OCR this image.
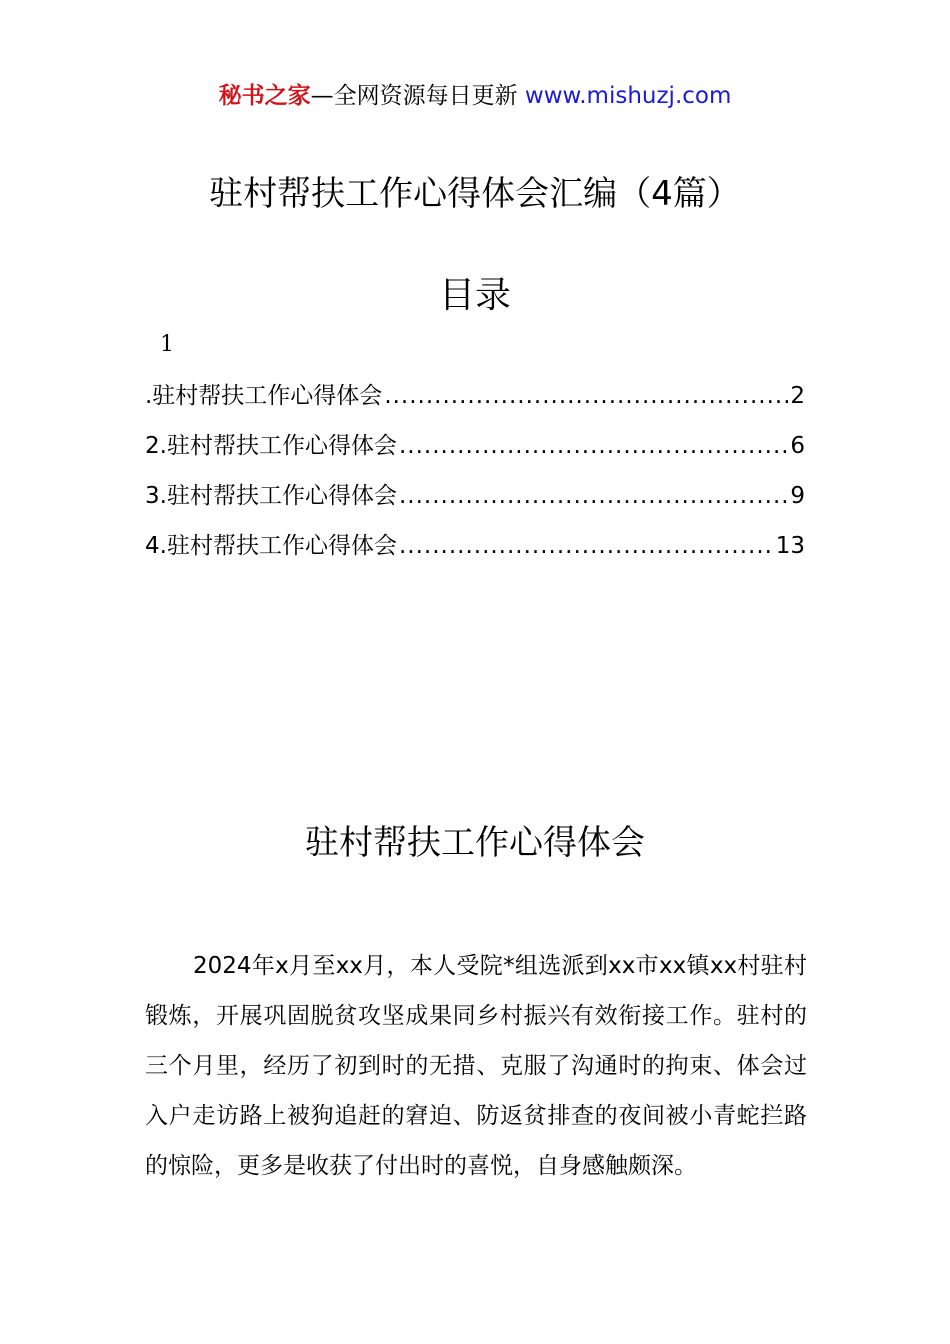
秘书之家—全网资源每日更新 www.mishuzj.com
驻村帮扶工作心得体会汇编（4篇）
目录
1
.驻村帮扶工作心得体会 .....	2
2.驻村帮扶工作心得体会 .....	6
3.驻村帮扶工作心得体会 .....	9
4.驻村帮扶工作心得体会 .....	13
驻村帮扶工作心得体会

2024年x月至xx月，本人受院*组选派到xx市xx镇xx村驻村锻炼，开展巩固脱贫攻坚成果同乡村振兴有效衔接工作。驻村的三个月里，经历了初到时的无措、克服了沟通时的拘束、体会过入户走访路上被狗追赶的窘迫、防返贫排查的夜间被小青蛇拦路的惊险，更多是收获了付出时的喜悦，自身感触颇深。
